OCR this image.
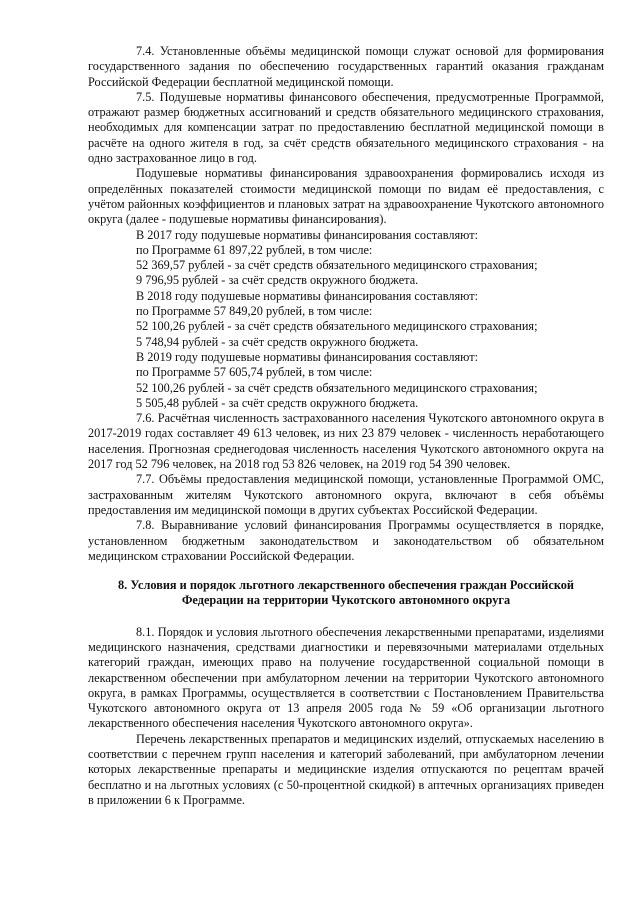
7.4. Установленные объёмы медицинской помощи служат основой для формирования государственного задания по обеспечению государственных гарантий оказания гражданам Российской Федерации бесплатной медицинской помощи.

7.5. Подушевые нормативы финансового обеспечения, предусмотренные Программой, отражают размер бюджетных ассигнований и средств обязательного медицинского страхования, необходимых для компенсации затрат по предоставлению бесплатной медицинской помощи в расчёте на одного жителя в год, за счёт средств обязательного медицинского страхования - на одно застрахованное лицо в год.

Подушевые нормативы финансирования здравоохранения формировались исходя из определённых показателей стоимости медицинской помощи по видам её предоставления, с учётом районных коэффициентов и плановых затрат на здравоохранение Чукотского автономного округа (далее - подушевые нормативы финансирования).

В 2017 году подушевые нормативы финансирования составляют:

по Программе 61 897,22 рублей, в том числе:

52 369,57 рублей - за счёт средств обязательного медицинского страхования;

9 796,95 рублей - за счёт средств окружного бюджета.

В 2018 году подушевые нормативы финансирования составляют:

по Программе 57 849,20 рублей, в том числе:

52 100,26 рублей - за счёт средств обязательного медицинского страхования;

5 748,94 рублей - за счёт средств окружного бюджета.

В 2019 году подушевые нормативы финансирования составляют:

по Программе 57 605,74 рублей, в том числе:

52 100,26 рублей - за счёт средств обязательного медицинского страхования;

5 505,48 рублей - за счёт средств окружного бюджета.

7.6. Расчётная численность застрахованного населения Чукотского автономного округа в 2017-2019 годах составляет 49 613 человек, из них 23 879 человек - численность неработающего населения. Прогнозная среднегодовая численность населения Чукотского автономного округа на 2017 год 52 796 человек, на 2018 год 53 826 человек, на 2019 год 54 390 человек.

7.7. Объёмы предоставления медицинской помощи, установленные Программой ОМС, застрахованным жителям Чукотского автономного округа, включают в себя объёмы предоставления им медицинской помощи в других субъектах Российской Федерации.

7.8. Выравнивание условий финансирования Программы осуществляется в порядке, установленном бюджетным законодательством и законодательством об обязательном медицинском страховании Российской Федерации.

8. Условия и порядок льготного лекарственного обеспечения граждан Российской
Федерации на территории Чукотского автономного округа

8.1. Порядок и условия льготного обеспечения лекарственными препаратами, изделиями медицинского назначения, средствами диагностики и перевязочными материалами отдельных категорий граждан, имеющих право на получение государственной социальной помощи в лекарственном обеспечении при амбулаторном лечении на территории Чукотского автономного округа, в рамках Программы, осуществляется в соответствии с Постановлением Правительства Чукотского автономного округа от 13 апреля 2005 года № 59 «Об организации льготного лекарственного обеспечения населения Чукотского автономного округа».

Перечень лекарственных препаратов и медицинских изделий, отпускаемых населению в соответствии с перечнем групп населения и категорий заболеваний, при амбулаторном лечении которых лекарственные препараты и медицинские изделия отпускаются по рецептам врачей бесплатно и на льготных условиях (с 50-процентной скидкой) в аптечных организациях приведен в приложении 6 к Программе.
